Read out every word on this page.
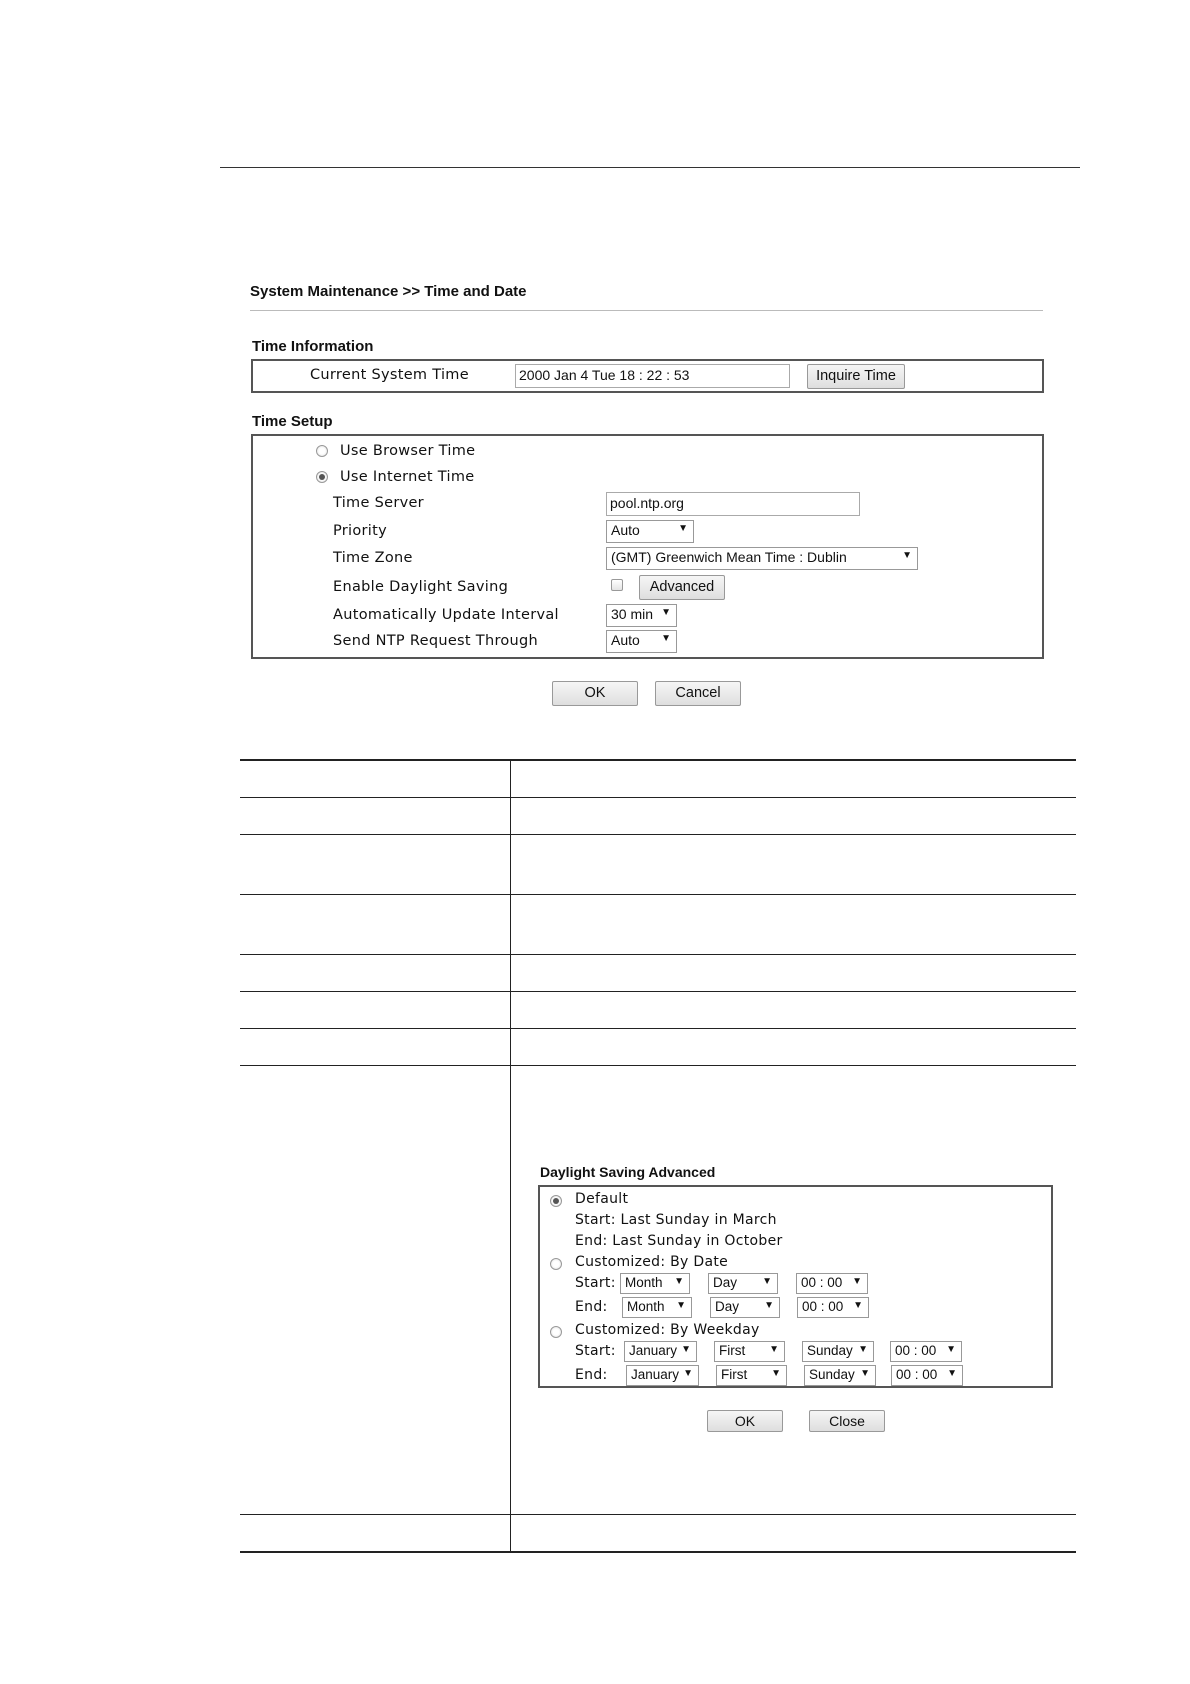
System Maintenance >> Time and Date
Time Information
Current System Time	2000 Jan 4 Tue 18 : 22 : 53	Inquire Time
Time Setup
Use Browser Time
Use Internet Time
Time Server	pool.ntp.org
Priority	Auto	▼
Time Zone	(GMT) Greenwich Mean Time : Dublin	▼
Enable Daylight Saving	Advanced
Automatically Update Interval	30 min ▼
Send NTP Request Through	Auto ▼
OK	Cancel
Daylight Saving Advanced
Default
Start: Last Sunday in March
End: Last Sunday in October
Customized: By Date
Start: Month ▼	Day	▼	00 : 00 ▼
End:	Month ▼	Day	▼	00 : 00 ▼
Customized: By Weekday
Start: January ▼	First ▼	Sunday ▼	00 : 00 ▼
End:	January ▼	First ▼	Sunday ▼	00 : 00 ▼
OK	Close
